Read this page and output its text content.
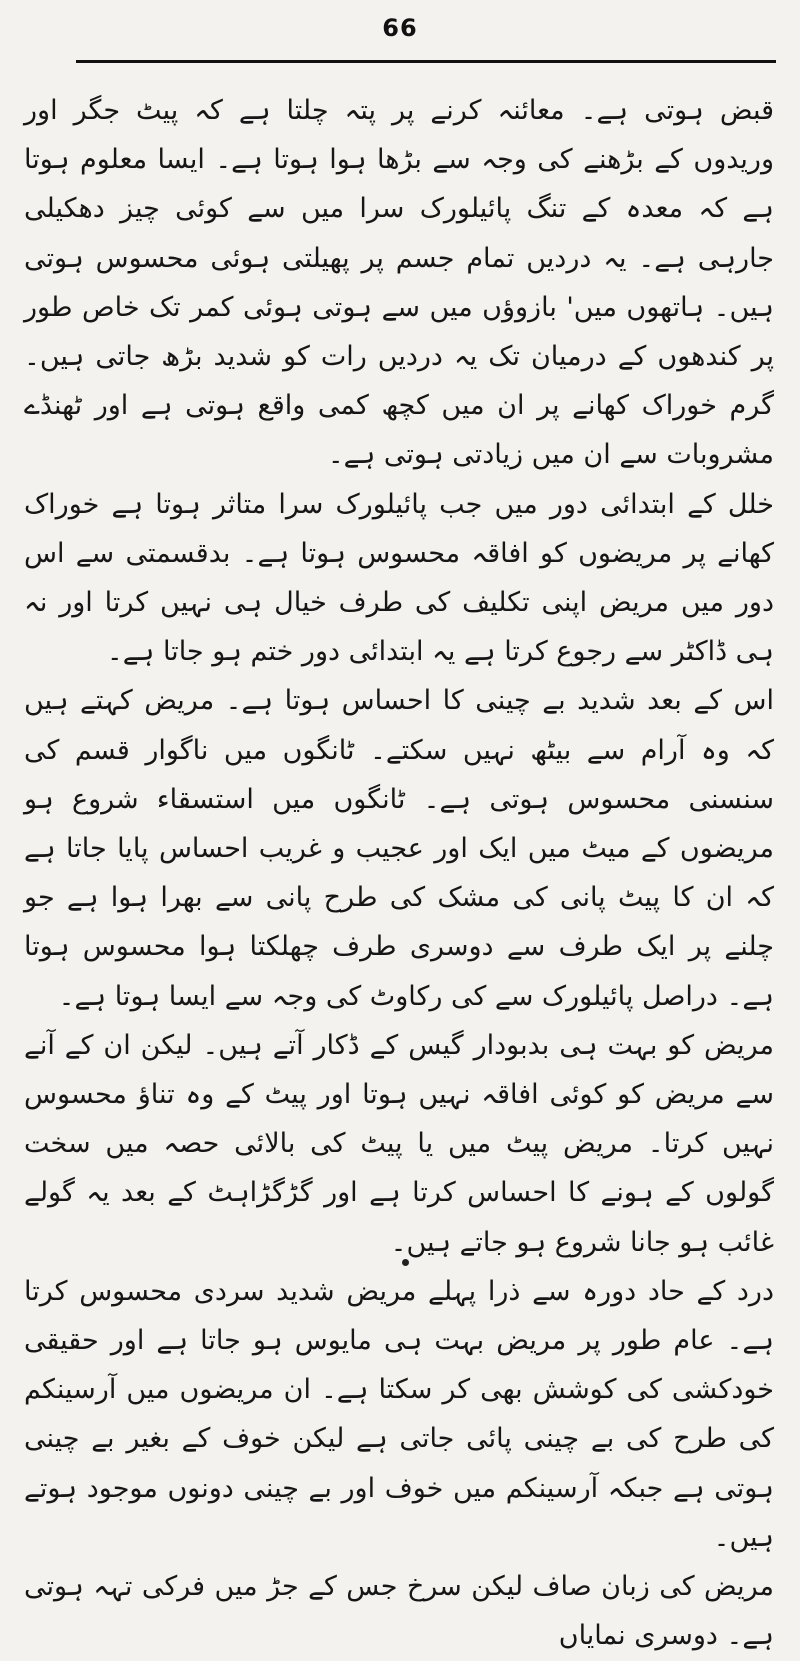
66

قبض ہوتی ہے۔ معائنہ کرنے پر پتہ چلتا ہے کہ پیٹ جگر اور وریدوں کے بڑھنے کی وجہ سے بڑھا ہوا ہوتا ہے۔ ایسا معلوم ہوتا ہے کہ معدہ کے تنگ پائیلورک سرا میں سے کوئی چیز دھکیلی جارہی ہے۔ یہ دردیں تمام جسم پر پھیلتی ہوئی محسوس ہوتی ہیں۔ ہاتھوں میں' بازوؤں میں سے ہوتی ہوئی کمر تک خاص طور پر کندھوں کے درمیان تک یہ دردیں رات کو شدید بڑھ جاتی ہیں۔ گرم خوراک کھانے پر ان میں کچھ کمی واقع ہوتی ہے اور ٹھنڈے مشروبات سے ان میں زیادتی ہوتی ہے۔

خلل کے ابتدائی دور میں جب پائیلورک سرا متاثر ہوتا ہے خوراک کھانے پر مریضوں کو افاقہ محسوس ہوتا ہے۔ بدقسمتی سے اس دور میں مریض اپنی تکلیف کی طرف خیال ہی نہیں کرتا اور نہ ہی ڈاکٹر سے رجوع کرتا ہے یہ ابتدائی دور ختم ہو جاتا ہے۔

اس کے بعد شدید بے چینی کا احساس ہوتا ہے۔ مریض کہتے ہیں کہ وہ آرام سے بیٹھ نہیں سکتے۔ ٹانگوں میں ناگوار قسم کی سنسنی محسوس ہوتی ہے۔ ٹانگوں میں استسقاء شروع ہو مریضوں کے میٹ میں ایک اور عجیب و غریب احساس پایا جاتا ہے کہ ان کا پیٹ پانی کی مشک کی طرح پانی سے بھرا ہوا ہے جو چلنے پر ایک طرف سے دوسری طرف چھلکتا ہوا محسوس ہوتا ہے۔ دراصل پائیلورک سے کی رکاوٹ کی وجہ سے ایسا ہوتا ہے۔

مریض کو بہت ہی بدبودار گیس کے ڈکار آتے ہیں۔ لیکن ان کے آنے سے مریض کو کوئی افاقہ نہیں ہوتا اور پیٹ کے وہ تناؤ محسوس نہیں کرتا۔ مریض پیٹ میں یا پیٹ کی بالائی حصہ میں سخت گولوں کے ہونے کا احساس کرتا ہے اور گڑگڑاہٹ کے بعد یہ گولے غائب ہو جانا شروع ہو جاتے ہیں۔

درد کے حاد دورہ سے ذرا پہلے مریض شدید سردی محسوس کرتا ہے۔ عام طور پر مریض بہت ہی مایوس ہو جاتا ہے اور حقیقی خودکشی کی کوشش بھی کر سکتا ہے۔ ان مریضوں میں آرسینکم کی طرح کی بے چینی پائی جاتی ہے لیکن خوف کے بغیر بے چینی ہوتی ہے جبکہ آرسینکم میں خوف اور بے چینی دونوں موجود ہوتے ہیں۔

مریض کی زبان صاف لیکن سرخ جس کے جڑ میں فرکی تہہ ہوتی ہے۔ دوسری نمایاں
